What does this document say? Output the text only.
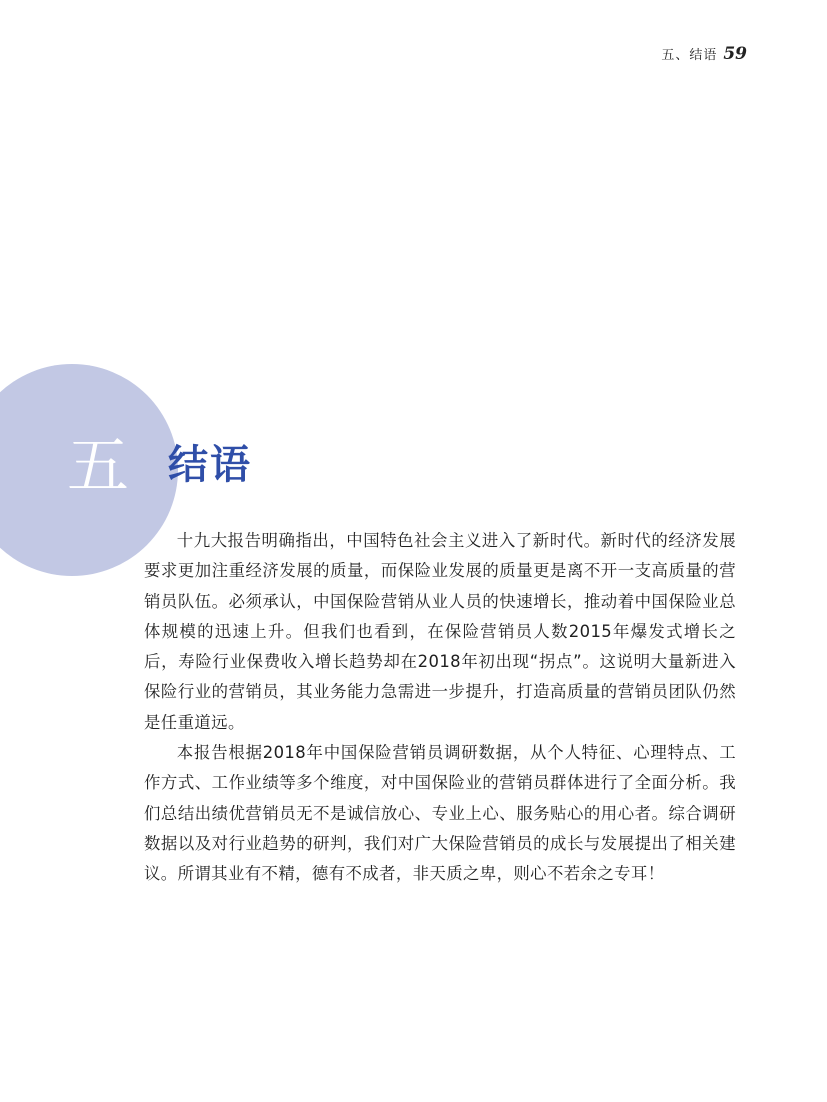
五、结语 59
五 结语

十九大报告明确指出，中国特色社会主义进入了新时代。新时代的经济发展要求更加注重经济发展的质量，而保险业发展的质量更是离不开一支高质量的营销员队伍。必须承认，中国保险营销从业人员的快速增长，推动着中国保险业总体规模的迅速上升。但我们也看到，在保险营销员人数2015年爆发式增长之后，寿险行业保费收入增长趋势却在2018年初出现“拐点”。这说明大量新进入保险行业的营销员，其业务能力急需进一步提升，打造高质量的营销员团队仍然是任重道远。

本报告根据2018年中国保险营销员调研数据，从个人特征、心理特点、工作方式、工作业绩等多个维度，对中国保险业的营销员群体进行了全面分析。我们总结出绩优营销员无不是诚信放心、专业上心、服务贴心的用心者。综合调研数据以及对行业趋势的研判，我们对广大保险营销员的成长与发展提出了相关建议。所谓其业有不精，德有不成者，非天质之卑，则心不若余之专耳！
